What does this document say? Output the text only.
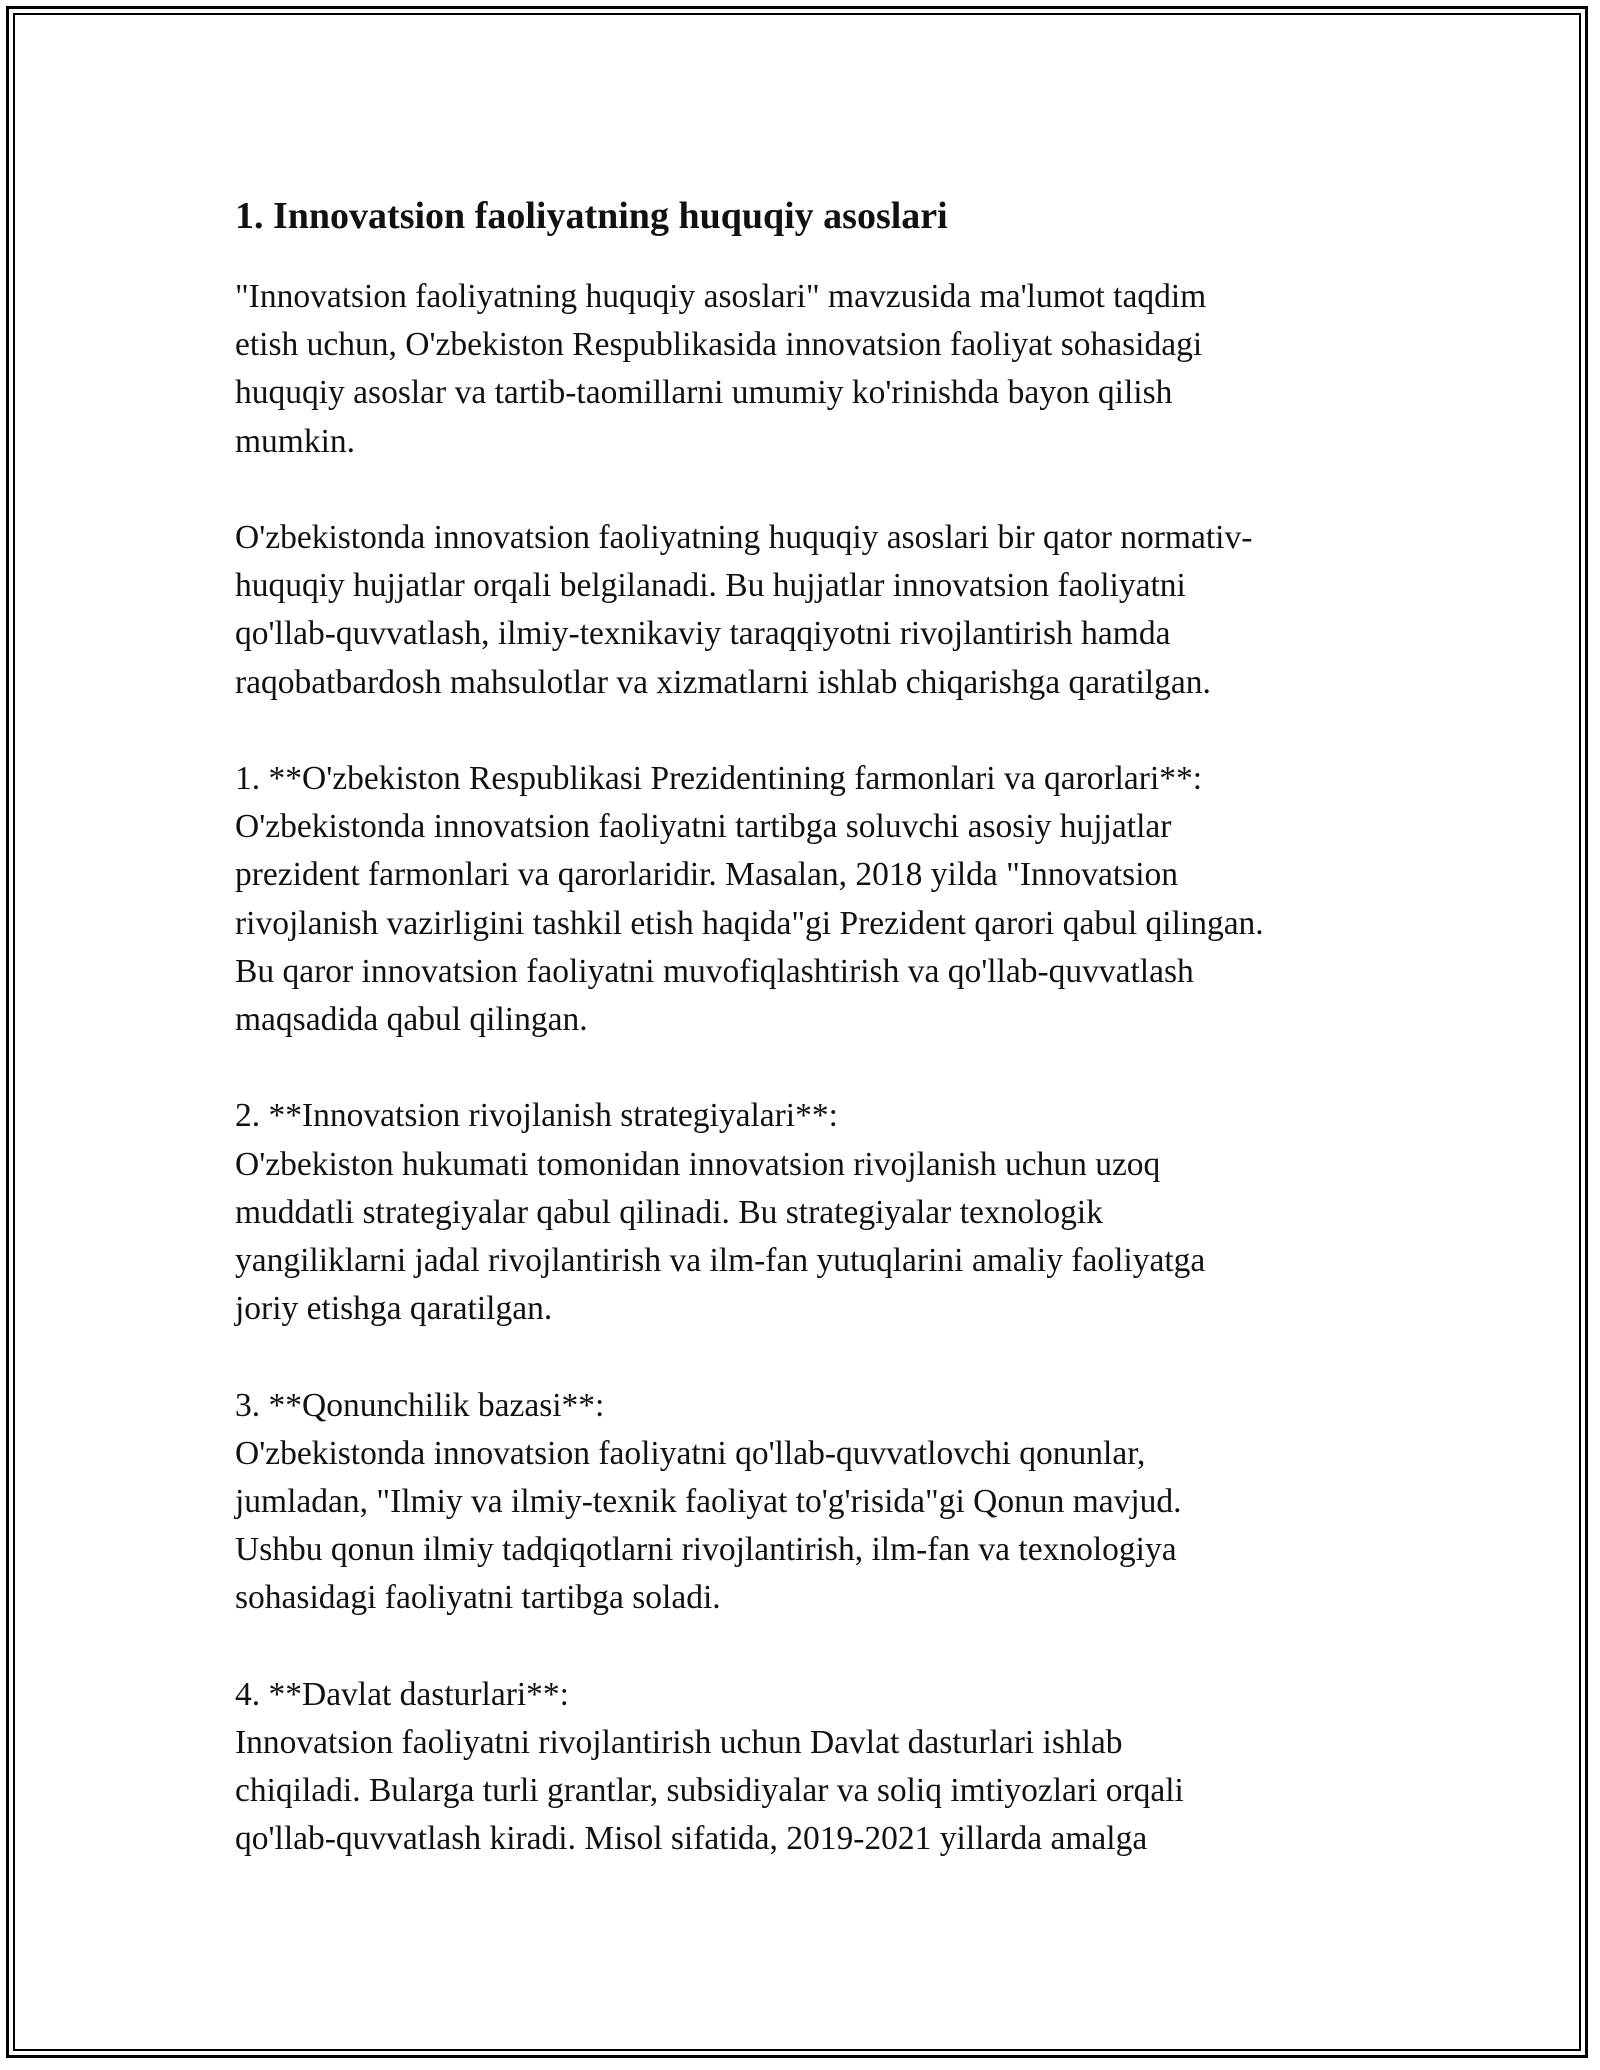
1. Innovatsion faoliyatning huquqiy asoslari

"Innovatsion faoliyatning huquqiy asoslari" mavzusida ma'lumot taqdim
etish uchun, O'zbekiston Respublikasida innovatsion faoliyat sohasidagi
huquqiy asoslar va tartib-taomillarni umumiy ko'rinishda bayon qilish
mumkin.

O'zbekistonda innovatsion faoliyatning huquqiy asoslari bir qator normativ-
huquqiy hujjatlar orqali belgilanadi. Bu hujjatlar innovatsion faoliyatni
qo'llab-quvvatlash, ilmiy-texnikaviy taraqqiyotni rivojlantirish hamda
raqobatbardosh mahsulotlar va xizmatlarni ishlab chiqarishga qaratilgan.

1. **O'zbekiston Respublikasi Prezidentining farmonlari va qarorlari**:
O'zbekistonda innovatsion faoliyatni tartibga soluvchi asosiy hujjatlar
prezident farmonlari va qarorlaridir. Masalan, 2018 yilda "Innovatsion
rivojlanish vazirligini tashkil etish haqida"gi Prezident qarori qabul qilingan.
Bu qaror innovatsion faoliyatni muvofiqlashtirish va qo'llab-quvvatlash
maqsadida qabul qilingan.

2. **Innovatsion rivojlanish strategiyalari**:
O'zbekiston hukumati tomonidan innovatsion rivojlanish uchun uzoq
muddatli strategiyalar qabul qilinadi. Bu strategiyalar texnologik
yangiliklarni jadal rivojlantirish va ilm-fan yutuqlarini amaliy faoliyatga
joriy etishga qaratilgan.

3. **Qonunchilik bazasi**:
O'zbekistonda innovatsion faoliyatni qo'llab-quvvatlovchi qonunlar,
jumladan, "Ilmiy va ilmiy-texnik faoliyat to'g'risida"gi Qonun mavjud.
Ushbu qonun ilmiy tadqiqotlarni rivojlantirish, ilm-fan va texnologiya
sohasidagi faoliyatni tartibga soladi.

4. **Davlat dasturlari**:
Innovatsion faoliyatni rivojlantirish uchun Davlat dasturlari ishlab
chiqiladi. Bularga turli grantlar, subsidiyalar va soliq imtiyozlari orqali
qo'llab-quvvatlash kiradi. Misol sifatida, 2019-2021 yillarda amalga
